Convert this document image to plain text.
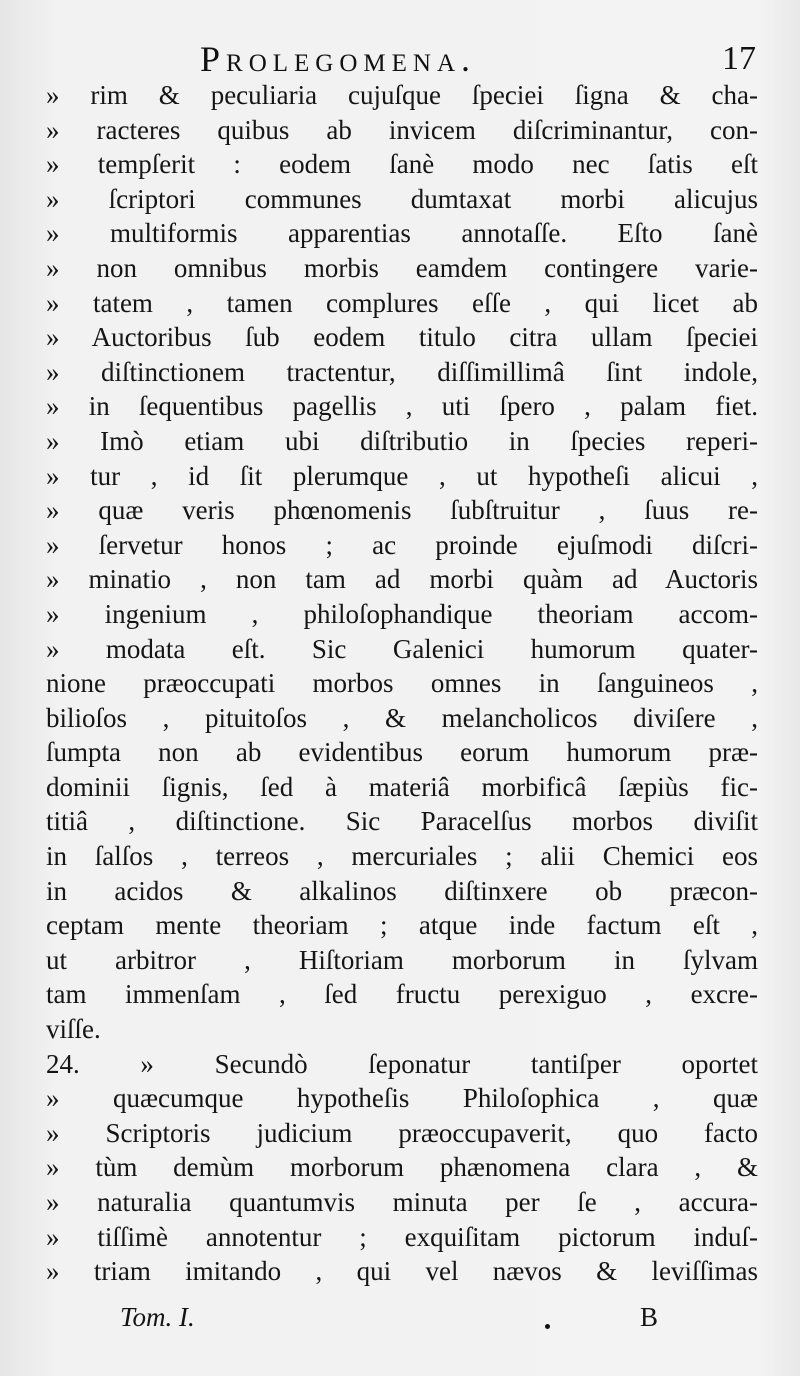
Prolegomena.	17
» rim & peculiaria cujuſque ſpeciei ſigna & cha-
» racteres quibus ab invicem diſcriminantur, con-
» tempſerit : eodem ſanè modo nec ſatis eſt
» ſcriptori communes dumtaxat morbi alicujus
» multiformis apparentias annotaſſe. Eſto ſanè
» non omnibus morbis eamdem contingere varie-
» tatem , tamen complures eſſe , qui licet ab
» Auctoribus ſub eodem titulo citra ullam ſpeciei
» diſtinctionem tractentur, diſſimillimâ ſint indole,
» in ſequentibus pagellis , uti ſpero , palam fiet.
» Imò etiam ubi diſtributio in ſpecies reperi-
» tur , id ſit plerumque , ut hypotheſi alicui ,
» quæ veris phœnomenis ſubſtruitur , ſuus re-
» ſervetur honos ; ac proinde ejuſmodi diſcri-
» minatio , non tam ad morbi quàm ad Auctoris
» ingenium , philoſophandique theoriam accom-
» modata eſt. Sic Galenici humorum quater-
nione præoccupati morbos omnes in ſanguineos ,
bilioſos , pituitoſos , & melancholicos diviſere ,
ſumpta non ab evidentibus eorum humorum præ-
dominii ſignis, ſed à materiâ morbificâ ſæpiùs fic-
titiâ , diſtinctione. Sic Paracelſus morbos diviſit
in ſalſos , terreos , mercuriales ; alii Chemici eos
in acidos & alkalinos diſtinxere ob præcon-
ceptam mente theoriam ; atque inde factum eſt ,
ut arbitror , Hiſtoriam morborum in ſylvam
tam immenſam , ſed fructu perexiguo , excre-
viſſe.
24. » Secundò ſeponatur tantiſper oportet
» quæcumque hypotheſis Philoſophica , quæ
» Scriptoris judicium præoccupaverit, quo facto
» tùm demùm morborum phænomena clara , &
» naturalia quantumvis minuta per ſe , accura-
» tiſſimè annotentur ; exquiſitam pictorum induſ-
» triam imitando , qui vel nævos & leviſſimas
Tom. I.	B
